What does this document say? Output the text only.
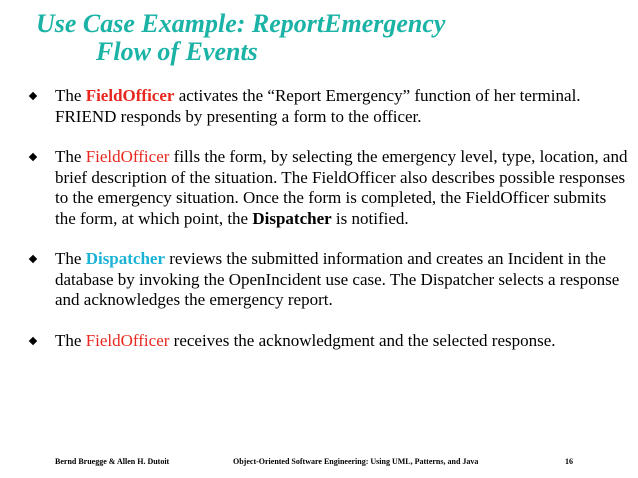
Use Case Example: ReportEmergency
Flow of Events
The FieldOfficer activates the “Report Emergency” function of her terminal. FRIEND responds by presenting a form to the officer.
The FieldOfficer fills the form, by selecting the emergency level, type, location, and brief description of the situation. The FieldOfficer also describes possible responses to the emergency situation. Once the form is completed, the FieldOfficer submits the form, at which point, the Dispatcher is notified.
The Dispatcher reviews the submitted information and creates an Incident in the database by invoking the OpenIncident use case. The Dispatcher selects a response and acknowledges the emergency report.
The FieldOfficer receives the acknowledgment and the selected response.
Bernd Bruegge & Allen H. Dutoit	Object-Oriented Software Engineering: Using UML, Patterns, and Java	16
